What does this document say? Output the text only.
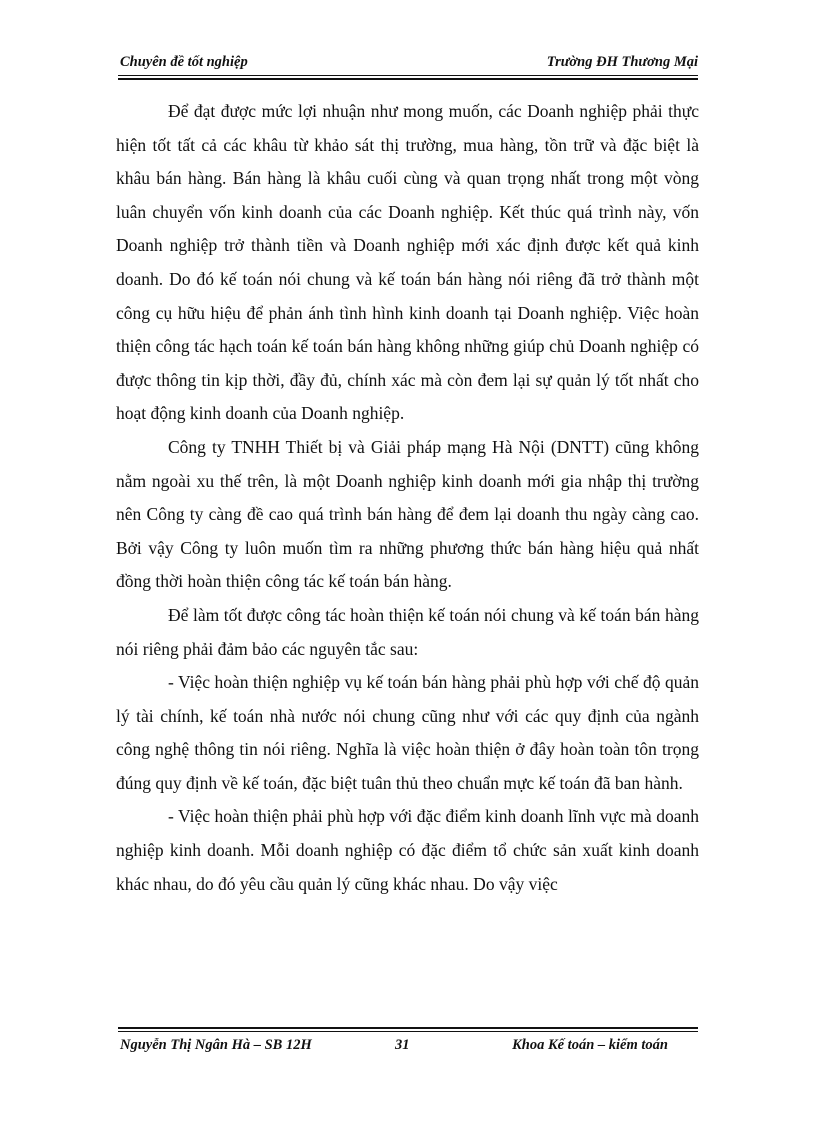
Chuyên đề tốt nghiệp	Trường ĐH Thương Mại

Để đạt được mức lợi nhuận như mong muốn, các Doanh nghiệp phải thực hiện tốt tất cả các khâu từ khảo sát thị trường, mua hàng, tồn trữ và đặc biệt là khâu bán hàng. Bán hàng là khâu cuối cùng và quan trọng nhất trong một vòng luân chuyển vốn kinh doanh của các Doanh nghiệp. Kết thúc quá trình này, vốn Doanh nghiệp trở thành tiền và Doanh nghiệp mới xác định được kết quả kinh doanh. Do đó kế toán nói chung và kế toán bán hàng nói riêng đã trở thành một công cụ hữu hiệu để phản ánh tình hình kinh doanh tại Doanh nghiệp. Việc hoàn thiện công tác hạch toán kế toán bán hàng không những giúp chủ Doanh nghiệp có được thông tin kịp thời, đầy đủ, chính xác mà còn đem lại sự quản lý tốt nhất cho hoạt động kinh doanh của Doanh nghiệp.

Công ty TNHH Thiết bị và Giải pháp mạng Hà Nội (DNTT) cũng không nằm ngoài xu thế trên, là một Doanh nghiệp kinh doanh mới gia nhập thị trường nên Công ty càng đề cao quá trình bán hàng để đem lại doanh thu ngày càng cao. Bởi vậy Công ty luôn muốn tìm ra những phương thức bán hàng hiệu quả nhất đồng thời hoàn thiện công tác kế toán bán hàng.

Để làm tốt được công tác hoàn thiện kế toán nói chung và kế toán bán hàng nói riêng phải đảm bảo các nguyên tắc sau:

- Việc hoàn thiện nghiệp vụ kế toán bán hàng phải phù hợp với chế độ quản lý tài chính, kế toán nhà nước nói chung cũng như với các quy định của ngành công nghệ thông tin nói riêng. Nghĩa là việc hoàn thiện ở đây hoàn toàn tôn trọng đúng quy định về kế toán, đặc biệt tuân thủ theo chuẩn mực kế toán đã ban hành.

- Việc hoàn thiện phải phù hợp với đặc điểm kinh doanh lĩnh vực mà doanh nghiệp kinh doanh. Mỗi doanh nghiệp có đặc điểm tổ chức sản xuất kinh doanh khác nhau, do đó yêu cầu quản lý cũng khác nhau. Do vậy việc

Nguyễn Thị Ngân Hà – SB 12H	31	Khoa Kế toán – kiểm toán
